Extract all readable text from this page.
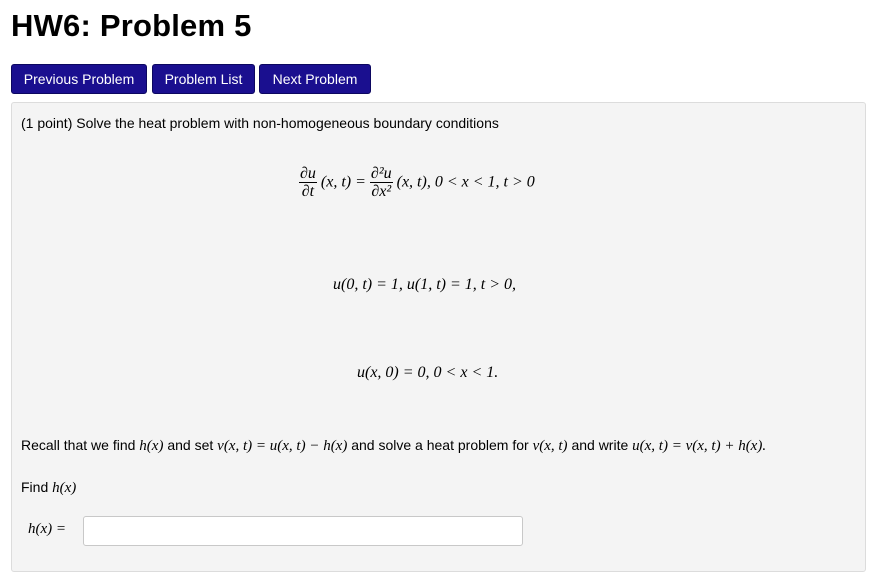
HW6: Problem 5
Previous Problem	Problem List	Next Problem
(1 point) Solve the heat problem with non-homogeneous boundary conditions
$\frac{\partial u}{\partial t} (x$, $t) = \frac{\text{∂²u}}{\text{∂x²}} (x$, t), 0 < x < 1, t > 0
u(0, t) = 1, u(1, t) = 1, t > 0,
u(x, 0) = 0, 0 < x < 1.
Recall that we find h(x) and set v(x, t) = u(x, t) − h(x) and solve a heat problem for v(x, t) and write u(x, t) = v(x, t) + h(x).
Find h(x)
h(x) =
